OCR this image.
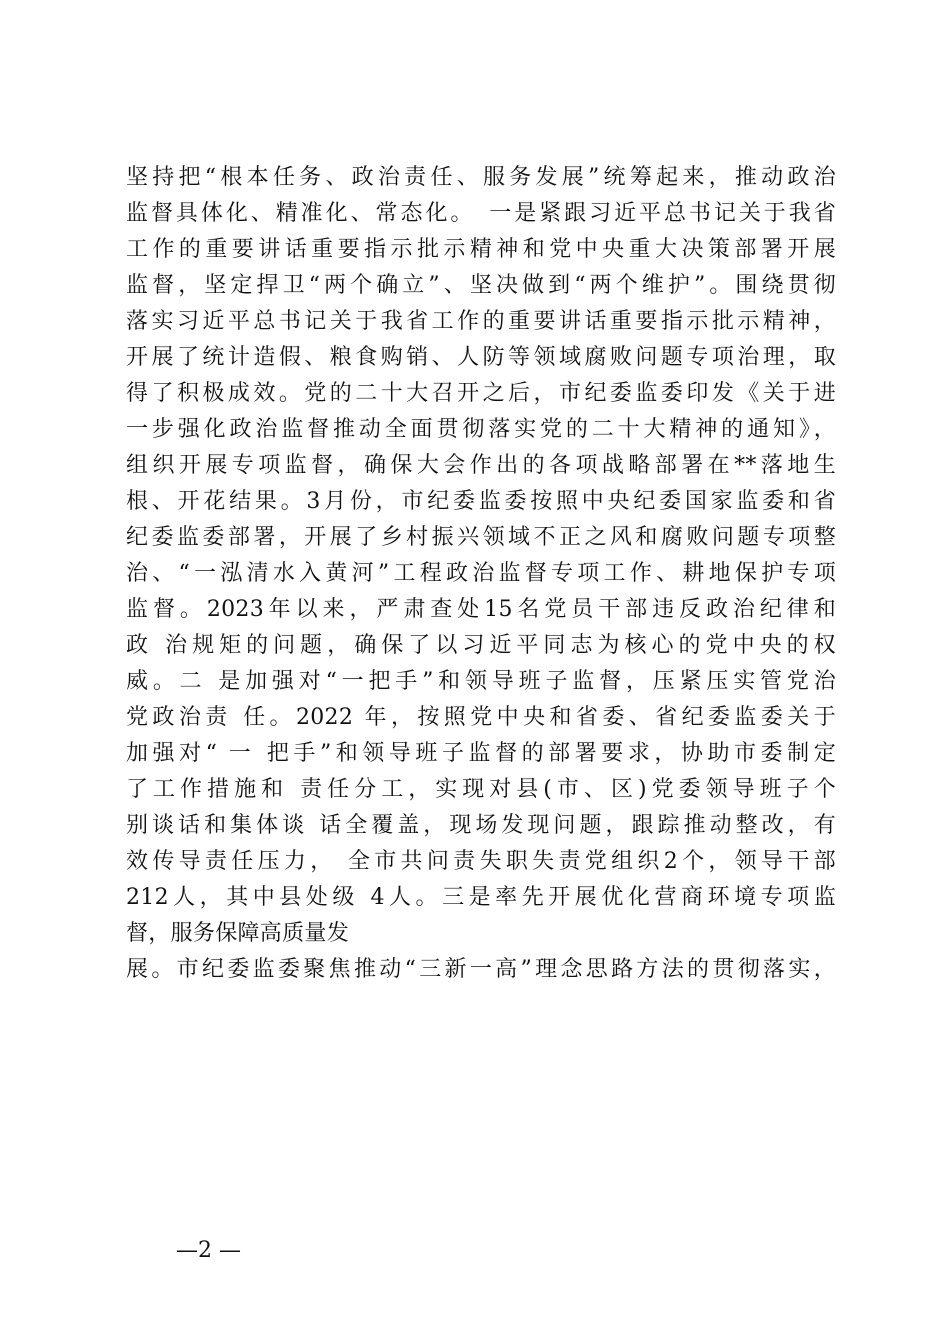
坚持把“根本任务、政治责任、服务发展”统筹起来，推动政治
监督具体化、精准化、常态化。　一是紧跟习近平总书记关于我省
工作的重要讲话重要指示批示精神和党中央重大决策部署开展
监督，坚定捍卫“两个确立”、坚决做到“两个维护”。围绕贯彻
落实习近平总书记关于我省工作的重要讲话重要指示批示精神，
开展了统计造假、粮食购销、人防等领域腐败问题专项治理，取
得了积极成效。党的二十大召开之后，市纪委监委印发《关于进
一步强化政治监督推动全面贯彻落实党的二十大精神的通知》，
组织开展专项监督，确保大会作出的各项战略部署在**落地生
根、开花结果。3月份，市纪委监委按照中央纪委国家监委和省
纪委监委部署，开展了乡村振兴领域不正之风和腐败问题专项整
治、“一泓清水入黄河”工程政治监督专项工作、耕地保护专项
监督。2023年以来，严肃查处15名党员干部违反政治纪律和
政 治规矩的问题，确保了以习近平同志为核心的党中央的权
威。二 是加强对“一把手”和领导班子监督，压紧压实管党治
党政治责 任。2022 年，按照党中央和省委、省纪委监委关于
加强对“ 一 把手”和领导班子监督的部署要求，协助市委制定
了工作措施和 责任分工，实现对县(市、区)党委领导班子个
别谈话和集体谈 话全覆盖，现场发现问题，跟踪推动整改，有
效传导责任压力， 全市共问责失职失责党组织2个，领导干部
212人，其中县处级 4人。三是率先开展优化营商环境专项监
督，服务保障高质量发
展。市纪委监委聚焦推动“三新一高”理念思路方法的贯彻落实，
—2 —
